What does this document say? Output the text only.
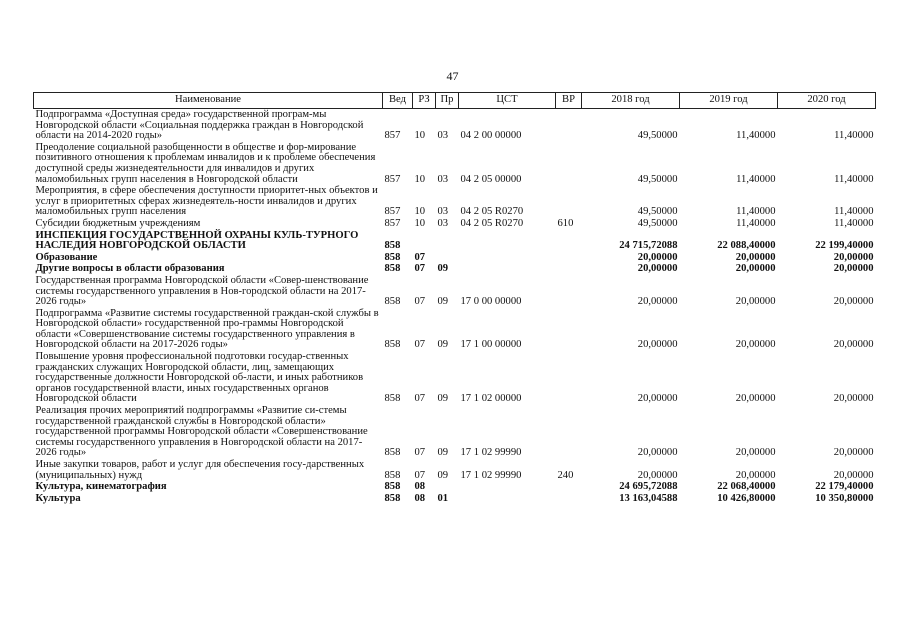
47
Наименование	Вед	РЗ	Пр	ЦСТ	ВР	2018 год	2019 год	2020 год

Подпрограмма «Доступная среда» государственной програм-мы Новгородской области «Социальная поддержка граждан в Новгородской области на 2014-2020 годы»	857	10	03	04 2 00 00000		49,50000	11,40000	11,40000

Преодоление социальной разобщенности в обществе и фор-мирование позитивного отношения к проблемам инвалидов и к проблеме обеспечения доступной среды жизнедеятельности для инвалидов и других маломобильных групп населения в Новгородской области	857	10	03	04 2 05 00000		49,50000	11,40000	11,40000

Мероприятия, в сфере обеспечения доступности приоритет-ных объектов и услуг в приоритетных сферах жизнедеятель-ности инвалидов и других маломобильных групп населения	857	10	03	04 2 05 R0270		49,50000	11,40000	11,40000

Субсидии бюджетным учреждениям	857	10	03	04 2 05 R0270	610	49,50000	11,40000	11,40000

ИНСПЕКЦИЯ ГОСУДАРСТВЕННОЙ ОХРАНЫ КУЛЬ-ТУРНОГО НАСЛЕДИЯ НОВГОРОДСКОЙ ОБЛАСТИ	858					24 715,72088	22 088,40000	22 199,40000

Образование	858	07				20,00000	20,00000	20,00000

Другие вопросы в области образования	858	07	09			20,00000	20,00000	20,00000

Государственная программа Новгородской области «Совер-шенствование системы государственного управления в Нов-городской области на 2017-2026 годы»	858	07	09	17 0 00 00000		20,00000	20,00000	20,00000

Подпрограмма «Развитие системы государственной граждан-ской службы в Новгородской области» государственной про-граммы Новгородской области «Совершенствование системы государственного управления в Новгородской области на 2017-2026 годы»	858	07	09	17 1 00 00000		20,00000	20,00000	20,00000

Повышение уровня профессиональной подготовки государ-ственных гражданских служащих Новгородской области, лиц, замещающих государственные должности Новгородской об-ласти, и иных работников органов государственной власти, иных государственных органов Новгородской области	858	07	09	17 1 02 00000		20,00000	20,00000	20,00000

Реализация прочих мероприятий подпрограммы «Развитие си-стемы государственной гражданской службы в Новгородской области» государственной программы Новгородской области «Совершенствование системы государственного управления в Новгородской области на 2017-2026 годы»	858	07	09	17 1 02 99990		20,00000	20,00000	20,00000

Иные закупки товаров, работ и услуг для обеспечения госу-дарственных (муниципальных) нужд	858	07	09	17 1 02 99990	240	20,00000	20,00000	20,00000

Культура, кинематография	858	08				24 695,72088	22 068,40000	22 179,40000

Культура	858	08	01			13 163,04588	10 426,80000	10 350,80000
